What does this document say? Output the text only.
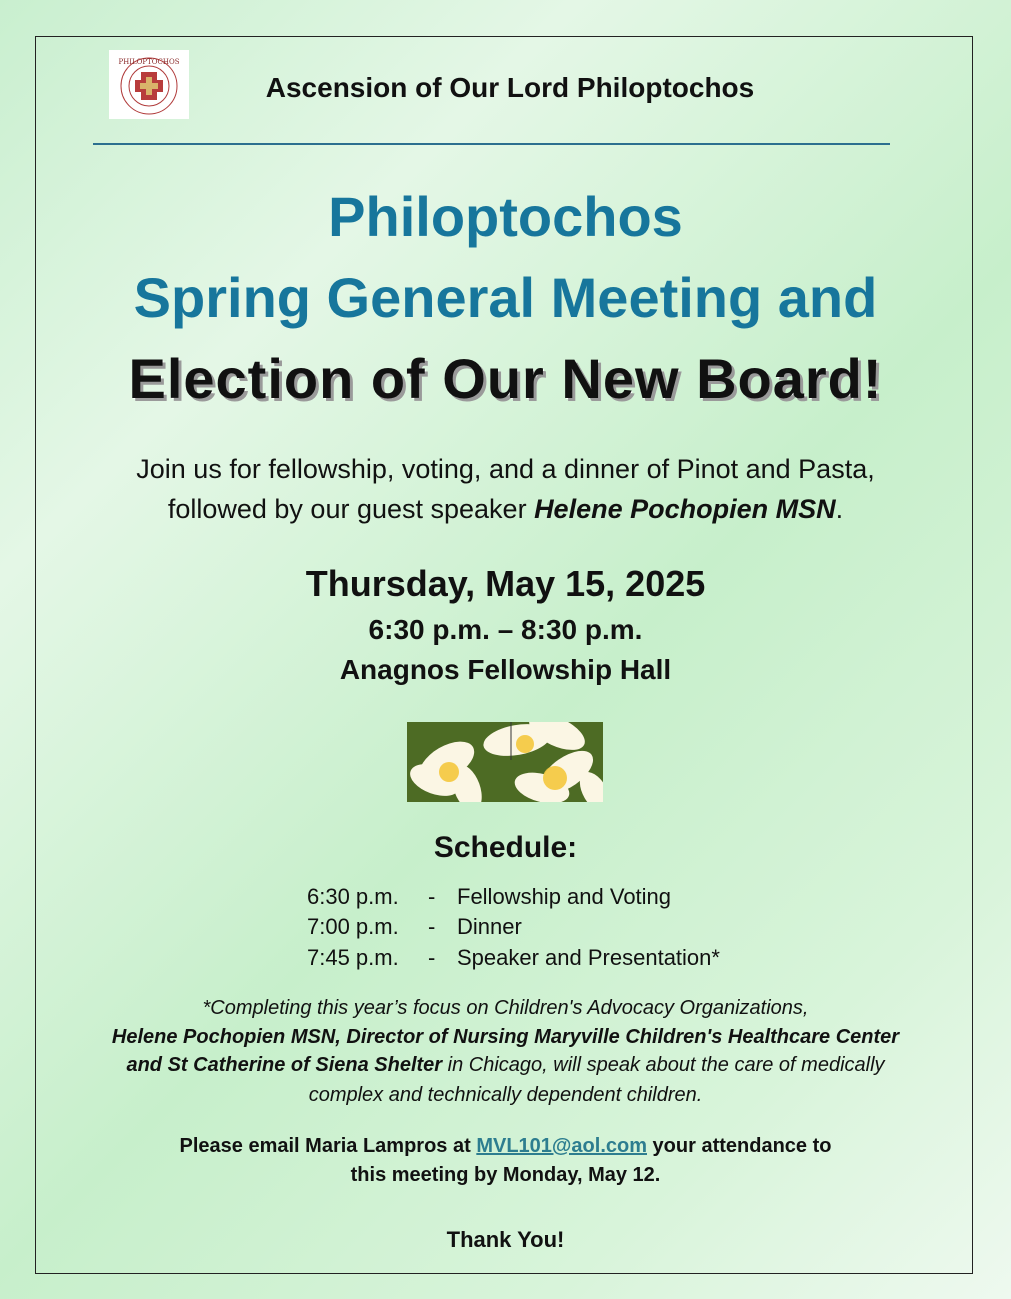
PHILOPTOCHOS
Ascension of Our Lord Philoptochos
Philoptochos
Spring General Meeting and
Election of Our New Board!
Join us for fellowship, voting, and a dinner of Pinot and Pasta,
followed by our guest speaker Helene Pochopien MSN.
Thursday, May 15, 2025
6:30 p.m. – 8:30 p.m.
Anagnos Fellowship Hall
Schedule:
6:30 p.m. - Fellowship and Voting
7:00 p.m. - Dinner
7:45 p.m. - Speaker and Presentation*
*Completing this year’s focus on Children's Advocacy Organizations,
Helene Pochopien MSN, Director of Nursing Maryville Children's Healthcare Center
and St Catherine of Siena Shelter in Chicago, will speak about the care of medically
complex and technically dependent children.
Please email Maria Lampros at MVL101@aol.com your attendance to
this meeting by Monday, May 12.
Thank You!
